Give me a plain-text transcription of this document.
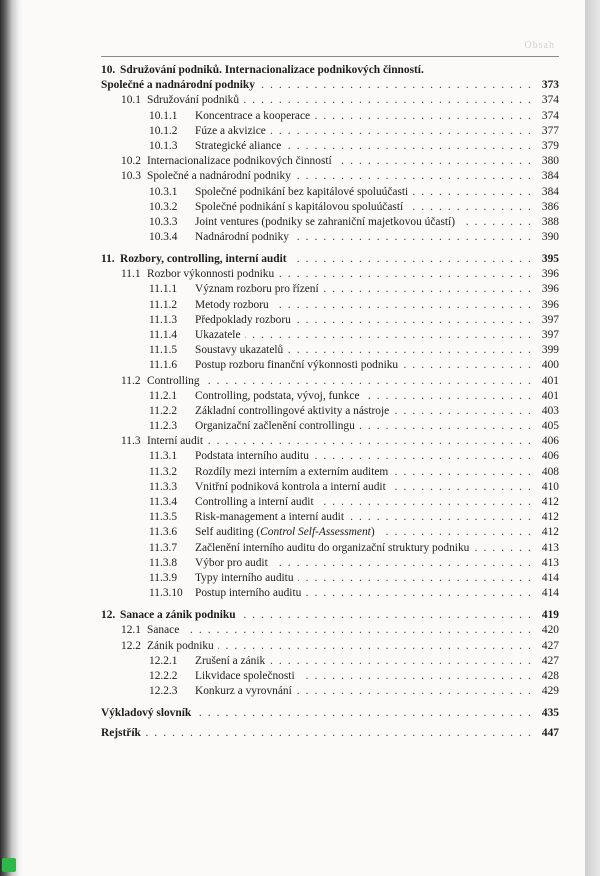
Obsah
10. Sdružování podniků. Internacionalizace podnikových činností.
Společné a nadnárodní podniky	373
. . .
10.1 Sdružování podniků	374
. . .
10.1.1 Koncentrace a kooperace	374
. . .
10.1.2 Fúze a akvizice	377
. . .
10.1.3 Strategické aliance	379
. . .
10.2 Internacionalizace podnikových činností	380
. . .
10.3 Společné a nadnárodní podniky	384
. . .
10.3.1 Společné podnikání bez kapitálové spoluúčasti	384
. . .
10.3.2 Společné podnikání s kapitálovou spoluúčastí	386
. . .
10.3.3 Joint ventures (podniky se zahraniční majetkovou účastí)	388
. . .
10.3.4 Nadnárodní podniky	390
. . .
11. Rozbory, controlling, interní audit	395
. . .
11.1 Rozbor výkonnosti podniku	396
. . .
11.1.1 Význam rozboru pro řízení	396
. . .
11.1.2 Metody rozboru	396
. . .
11.1.3 Předpoklady rozboru	397
. . .
11.1.4 Ukazatele	397
. . .
11.1.5 Soustavy ukazatelů	399
. . .
11.1.6 Postup rozboru finanční výkonnosti podniku	400
. . .
11.2 Controlling	401
. . .
11.2.1 Controlling, podstata, vývoj, funkce	401
. . .
11.2.2 Základní controllingové aktivity a nástroje	403
. . .
11.2.3 Organizační začlenění controllingu	405
. . .
11.3 Interní audit	406
. . .
11.3.1 Podstata interního auditu	406
. . .
11.3.2 Rozdíly mezi interním a externím auditem	408
. . .
11.3.3 Vnitřní podniková kontrola a interní audit	410
. . .
11.3.4 Controlling a interní audit	412
. . .
11.3.5 Risk-management a interní audit	412
. . .
11.3.6 Self auditing (Control Self-Assessment)	412
. . .
11.3.7 Začlenění interního auditu do organizační struktury podniku	413
. . .
11.3.8 Výbor pro audit	413
. . .
11.3.9 Typy interního auditu	414
. . .
11.3.10 Postup interního auditu	414
. . .
12. Sanace a zánik podniku	419
. . .
12.1 Sanace	420
. . .
12.2 Zánik podniku	427
. . .
12.2.1 Zrušení a zánik	427
. . .
12.2.2 Likvidace společnosti	428
. . .
12.2.3 Konkurz a vyrovnání	429
. . .
Výkladový slovník	435
. . .
Rejstřík	447
. . .
